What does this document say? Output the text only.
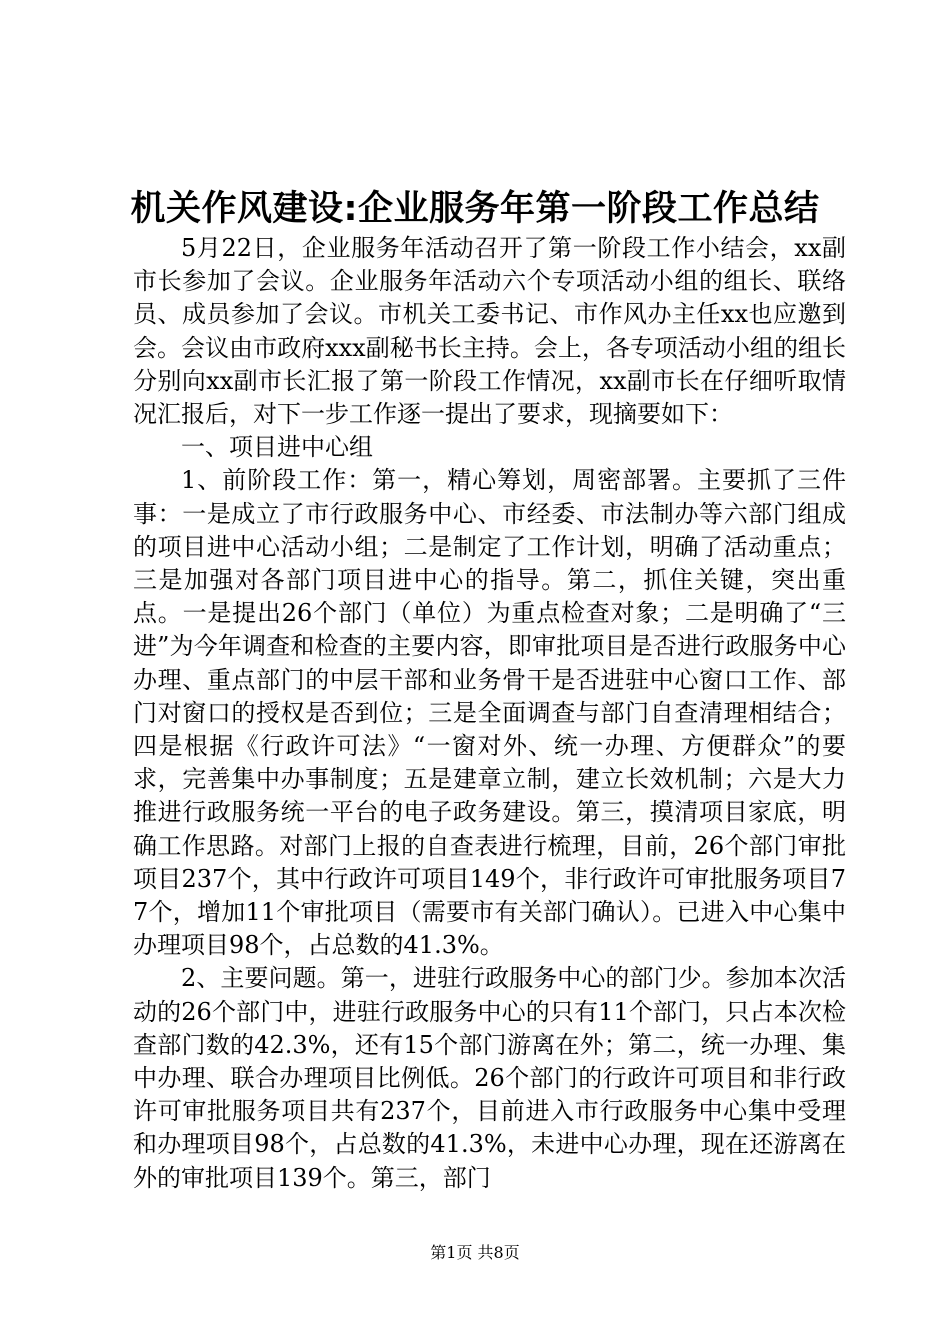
机关作风建设:企业服务年第一阶段工作总结

5月22日，企业服务年活动召开了第一阶段工作小结会，xx副市长参加了会议。企业服务年活动六个专项活动小组的组长、联络员、成员参加了会议。市机关工委书记、市作风办主任xx也应邀到会。会议由市政府xxx副秘书长主持。会上，各专项活动小组的组长分别向xx副市长汇报了第一阶段工作情况，xx副市长在仔细听取情况汇报后，对下一步工作逐一提出了要求，现摘要如下：

一、项目进中心组

1、前阶段工作：第一，精心筹划，周密部署。主要抓了三件事：一是成立了市行政服务中心、市经委、市法制办等六部门组成的项目进中心活动小组；二是制定了工作计划，明确了活动重点；三是加强对各部门项目进中心的指导。第二，抓住关键，突出重点。一是提出26个部门（单位）为重点检查对象；二是明确了“三进”为今年调查和检查的主要内容，即审批项目是否进行政服务中心办理、重点部门的中层干部和业务骨干是否进驻中心窗口工作、部门对窗口的授权是否到位；三是全面调查与部门自查清理相结合；四是根据《行政许可法》“一窗对外、统一办理、方便群众”的要求，完善集中办事制度；五是建章立制，建立长效机制；六是大力推进行政服务统一平台的电子政务建设。第三，摸清项目家底，明确工作思路。对部门上报的自查表进行梳理，目前，26个部门审批项目237个，其中行政许可项目149个，非行政许可审批服务项目77个，增加11个审批项目（需要市有关部门确认）。已进入中心集中办理项目98个，占总数的41.3%。

2、主要问题。第一，进驻行政服务中心的部门少。参加本次活动的26个部门中，进驻行政服务中心的只有11个部门，只占本次检查部门数的42.3%，还有15个部门游离在外；第二，统一办理、集中办理、联合办理项目比例低。26个部门的行政许可项目和非行政许可审批服务项目共有237个，目前进入市行政服务中心集中受理和办理项目98个，占总数的41.3%，未进中心办理，现在还游离在外的审批项目139个。第三，部门

第1页 共8页
